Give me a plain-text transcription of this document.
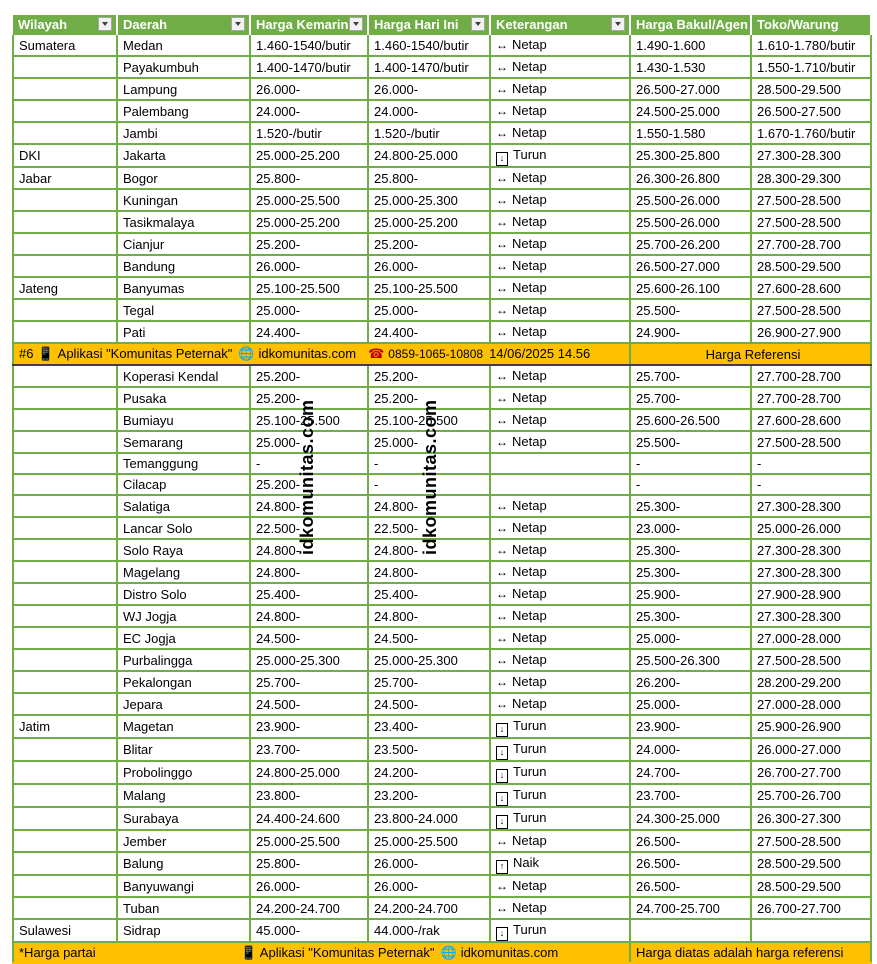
Wilayah	Daerah	Harga Kemarin	Harga Hari Ini	Keterangan	Harga Bakul/Agen	Toko/Warung
Sumatera	Medan	1.460-1540/butir	1.460-1540/butir	↔ Netap	1.490-1.600	1.610-1.780/butir
	Payakumbuh	1.400-1470/butir	1.400-1470/butir	↔ Netap	1.430-1.530	1.550-1.710/butir
	Lampung	26.000-	26.000-	↔ Netap	26.500-27.000	28.500-29.500
	Palembang	24.000-	24.000-	↔ Netap	24.500-25.000	26.500-27.500
	Jambi	1.520-/butir	1.520-/butir	↔ Netap	1.550-1.580	1.670-1.760/butir
DKI	Jakarta	25.000-25.200	24.800-25.000	↓ Turun	25.300-25.800	27.300-28.300
Jabar	Bogor	25.800-	25.800-	↔ Netap	26.300-26.800	28.300-29.300
	Kuningan	25.000-25.500	25.000-25.300	↔ Netap	25.500-26.000	27.500-28.500
	Tasikmalaya	25.000-25.200	25.000-25.200	↔ Netap	25.500-26.000	27.500-28.500
	Cianjur	25.200-	25.200-	↔ Netap	25.700-26.200	27.700-28.700
	Bandung	26.000-	26.000-	↔ Netap	26.500-27.000	28.500-29.500
Jateng	Banyumas	25.100-25.500	25.100-25.500	↔ Netap	25.600-26.100	27.600-28.600
	Tegal	25.000-	25.000-	↔ Netap	25.500-	27.500-28.500
	Pati	24.400-	24.400-	↔ Netap	24.900-	26.900-27.900
#6 📱 Aplikasi "Komunitas Peternak" 🌐 idkomunitas.com ☎ 0859-1065-10808 14/06/2025 14.56					Harga Referensi	
	Koperasi Kendal	25.200-	25.200-	↔ Netap	25.700-	27.700-28.700
	Pusaka	25.200-	25.200-	↔ Netap	25.700-	27.700-28.700
	Bumiayu	25.100-25.500	25.100-25.500	↔ Netap	25.600-26.500	27.600-28.600
	Semarang	25.000-	25.000-	↔ Netap	25.500-	27.500-28.500
	Temanggung	-	-		-	-
	Cilacap	25.200-	-		-	-
	Salatiga	24.800-	24.800-	↔ Netap	25.300-	27.300-28.300
	Lancar Solo	22.500-	22.500-	↔ Netap	23.000-	25.000-26.000
	Solo Raya	24.800-	24.800-	↔ Netap	25.300-	27.300-28.300
	Magelang	24.800-	24.800-	↔ Netap	25.300-	27.300-28.300
	Distro Solo	25.400-	25.400-	↔ Netap	25.900-	27.900-28.900
	WJ Jogja	24.800-	24.800-	↔ Netap	25.300-	27.300-28.300
	EC Jogja	24.500-	24.500-	↔ Netap	25.000-	27.000-28.000
	Purbalingga	25.000-25.300	25.000-25.300	↔ Netap	25.500-26.300	27.500-28.500
	Pekalongan	25.700-	25.700-	↔ Netap	26.200-	28.200-29.200
	Jepara	24.500-	24.500-	↔ Netap	25.000-	27.000-28.000
Jatim	Magetan	23.900-	23.400-	↓ Turun	23.900-	25.900-26.900
	Blitar	23.700-	23.500-	↓ Turun	24.000-	26.000-27.000
	Probolinggo	24.800-25.000	24.200-	↓ Turun	24.700-	26.700-27.700
	Malang	23.800-	23.200-	↓ Turun	23.700-	25.700-26.700
	Surabaya	24.400-24.600	23.800-24.000	↓ Turun	24.300-25.000	26.300-27.300
	Jember	25.000-25.500	25.000-25.500	↔ Netap	26.500-	27.500-28.500
	Balung	25.800-	26.000-	↑ Naik	26.500-	28.500-29.500
	Banyuwangi	26.000-	26.000-	↔ Netap	26.500-	28.500-29.500
	Tuban	24.200-24.700	24.200-24.700	↔ Netap	24.700-25.700	26.700-27.700
Sulawesi	Sidrap	45.000-	44.000-/rak	↓ Turun		
*Harga partai 📱 Aplikasi "Komunitas Peternak" 🌐 idkomunitas.com					Harga diatas adalah harga referensi	
idkomunitas.com	idkomunitas.com
